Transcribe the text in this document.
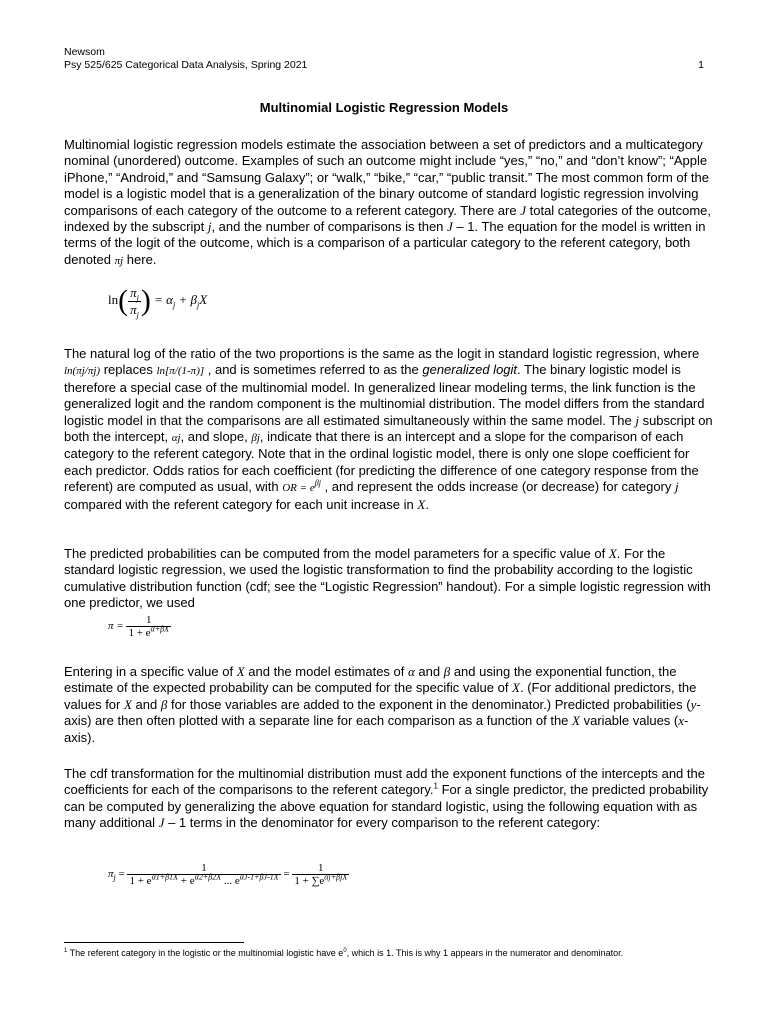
Newsom
Psy 525/625 Categorical Data Analysis, Spring 2021	1
Multinomial Logistic Regression Models

Multinomial logistic regression models estimate the association between a set of predictors and a multicategory nominal (unordered) outcome. Examples of such an outcome might include “yes,” “no,” and “don’t know”; “Apple iPhone,” “Android,” and “Samsung Galaxy”; or “walk,” “bike,” “car,” “public transit.” The most common form of the model is a logistic model that is a generalization of the binary outcome of standard logistic regression involving comparisons of each category of the outcome to a referent category. There are J total categories of the outcome, indexed by the subscript j, and the number of comparisons is then J – 1. The equation for the model is written in terms of the logit of the outcome, which is a comparison of a particular category to the referent category, both denoted πj here.

$\ln( \frac{\pi_j}{\pi_j}$ ) = $\alpha_j + \beta_jX$

The natural log of the ratio of the two proportions is the same as the logit in standard logistic regression, where ln(πj/πj) replaces ln[π/(1-π)] , and is sometimes referred to as the generalized logit. The binary logistic model is therefore a special case of the multinomial model. In generalized linear modeling terms, the link function is the generalized logit and the random component is the multinomial distribution. The model differs from the standard logistic model in that the comparisons are all estimated simultaneously within the same model. The j subscript on both the intercept, αj, and slope, βj, indicate that there is an intercept and a slope for the comparison of each category to the referent category. Note that in the ordinal logistic model, there is only one slope coefficient for each predictor. Odds ratios for each coefficient (for predicting the difference of one category response from the referent) are computed as usual, with OR = $e^{\beta j}$ , and represent the odds increase (or decrease) for category j compared with the referent category for each unit increase in X.

The predicted probabilities can be computed from the model parameters for a specific value of X. For the standard logistic regression, we used the logistic transformation to find the probability according to the logistic cumulative distribution function (cdf; see the “Logistic Regression” handout). For a simple logistic regression with one predictor, we used

$\pi = \frac{1}{1 + e^{\alpha+\beta X}}$

Entering in a specific value of X and the model estimates of α and β and using the exponential function, the estimate of the expected probability can be computed for the specific value of X. (For additional predictors, the values for X and β for those variables are added to the exponent in the denominator.) Predicted probabilities (y-axis) are then often plotted with a separate line for each comparison as a function of the X variable values (x-axis).

The cdf transformation for the multinomial distribution must add the exponent functions of the intercepts and the coefficients for each of the comparisons to the referent category.$^1$ For a single predictor, the predicted probability can be computed by generalizing the above equation for standard logistic, using the following equation with as many additional J – 1 terms in the denominator for every comparison to the referent category:

$\pi_j = \frac{1}{1 + e^{\alpha 1+\beta 1X} + e^{\alpha 2+\beta 2X} ... e^{\alpha J-1+\beta J-1X}} = \frac{1}{1 + \sum e^{\alpha j+\beta jX}}$
$^1$ The referent category in the logistic or the multinomial logistic have $e^0$, which is 1. This is why 1 appears in the numerator and denominator.
